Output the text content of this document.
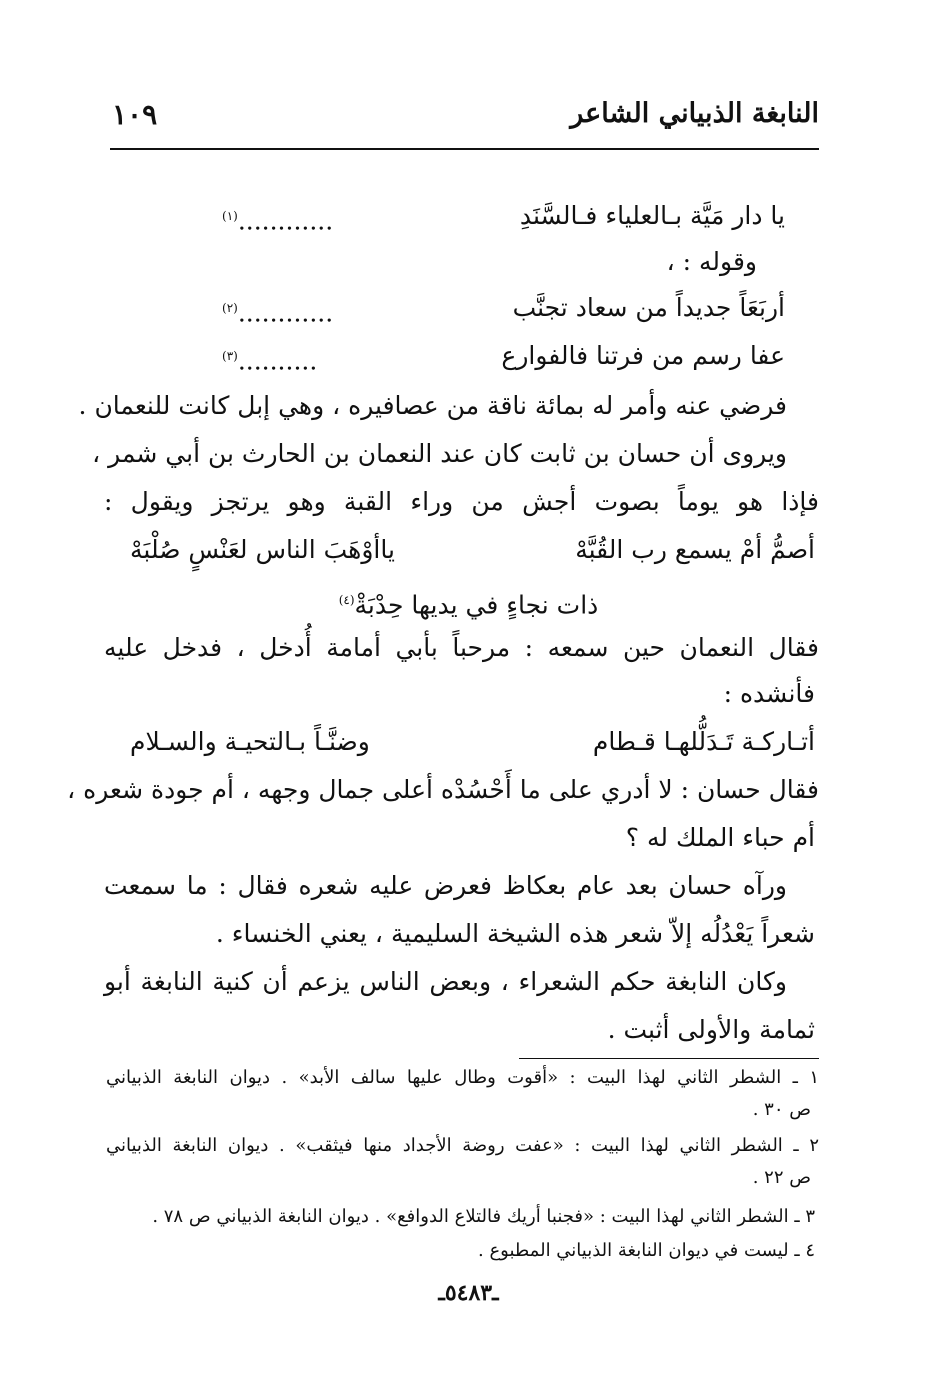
النابغة الذبياني الشاعر
١٠٩
يا دار مَيَّة بـالعلياء فـالسَّنَدِ
............$^{(١)}$
وقوله : ،
أربَعَاً جديداً من سعاد تجنَّب
............$^{(٢)}$
عفا رسم من فرتنا فالفوارع
..........$^{(٣)}$
فرضي عنه وأمر له بمائة ناقة من عصافيره ، وهي إبل كانت للنعمان .
ويروى أن حسان بن ثابت كان عند النعمان بن الحارث بن أبي شمر ،
فإذا هو يوماً بصوت أجش من وراء القبة وهو يرتجز ويقول :
أصمُّ أمْ يسمع رب القُبَّهْ
ياأوْهَبَ الناس لعَنْسٍ صُلْبَهْ
ذات نجاءٍ في يديها حِدْبَةْ$^{(٤)}$
فقال النعمان حين سمعه : مرحباً بأبي أمامة أُدخل ، فدخل عليه
فأنشده :
أتـاركـة تَـدَلُّلهـا قـطام
وضنَّـاً بـالتحيـة والسـلام
فقال حسان : لا أدري على ما أَحْسُدْه أعلى جمال وجهه ، أم جودة شعره ،
أم حباء الملك له ؟
ورآه حسان بعد عام بعكاظ فعرض عليه شعره فقال : ما سمعت
شعراً يَعْدُلُه إلاّ شعر هذه الشيخة السليمية ، يعني الخنساء .
وكان النابغة حكم الشعراء ، وبعض الناس يزعم أن كنية النابغة أبو
ثمامة والأولى أثبت .
١ ـ الشطر الثاني لهذا البيت : «أقوت وطال عليها سالف الأبد» . ديوان النابغة الذبياني
ص ٣٠ .
٢ ـ الشطر الثاني لهذا البيت : «عفت روضة الأجداد منها فيثقب» . ديوان النابغة الذبياني
ص ٢٢ .
٣ ـ الشطر الثاني لهذا البيت : «فجنبا أريك فالتلاع الدوافع» . ديوان النابغة الذبياني ص ٧٨ .
٤ ـ ليست في ديوان النابغة الذبياني المطبوع .
ـ٥٤٨٣ـ
